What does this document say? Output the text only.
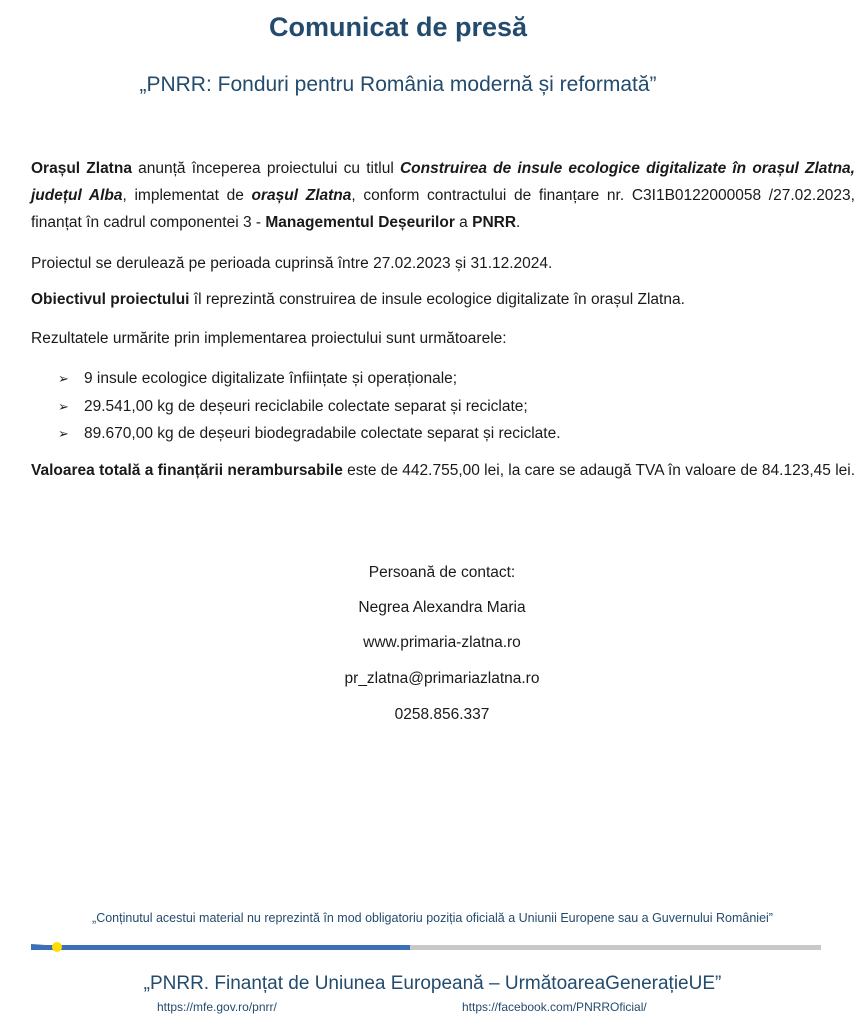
Comunicat de presă
„PNRR: Fonduri pentru România modernă și reformată”
Orașul Zlatna anunță începerea proiectului cu titlul Construirea de insule ecologice digitalizate în orașul Zlatna, județul Alba, implementat de orașul Zlatna, conform contractului de finanțare nr. C3I1B0122000058 /27.02.2023, finanțat în cadrul componentei 3 - Managementul Deșeurilor a PNRR.
Proiectul se derulează pe perioada cuprinsă între 27.02.2023 și 31.12.2024.
Obiectivul proiectului îl reprezintă construirea de insule ecologice digitalizate în orașul Zlatna.
Rezultatele urmărite prin implementarea proiectului sunt următoarele:
➢ 9 insule ecologice digitalizate înființate și operaționale;
➢ 29.541,00 kg de deșeuri reciclabile colectate separat și reciclate;
➢ 89.670,00 kg de deșeuri biodegradabile colectate separat și reciclate.
Valoarea totală a finanțării nerambursabile este de 442.755,00 lei, la care se adaugă TVA în valoare de 84.123,45 lei.
Persoană de contact:
Negrea Alexandra Maria
www.primaria-zlatna.ro
pr_zlatna@primariazlatna.ro
0258.856.337
„Conținutul acestui material nu reprezintă în mod obligatoriu poziția oficială a Uniunii Europene sau a Guvernului României”
„PNRR. Finanțat de Uniunea Europeană – UrmătoareaGenerațieUE”
https://mfe.gov.ro/pnrr/	https://facebook.com/PNRROficial/
